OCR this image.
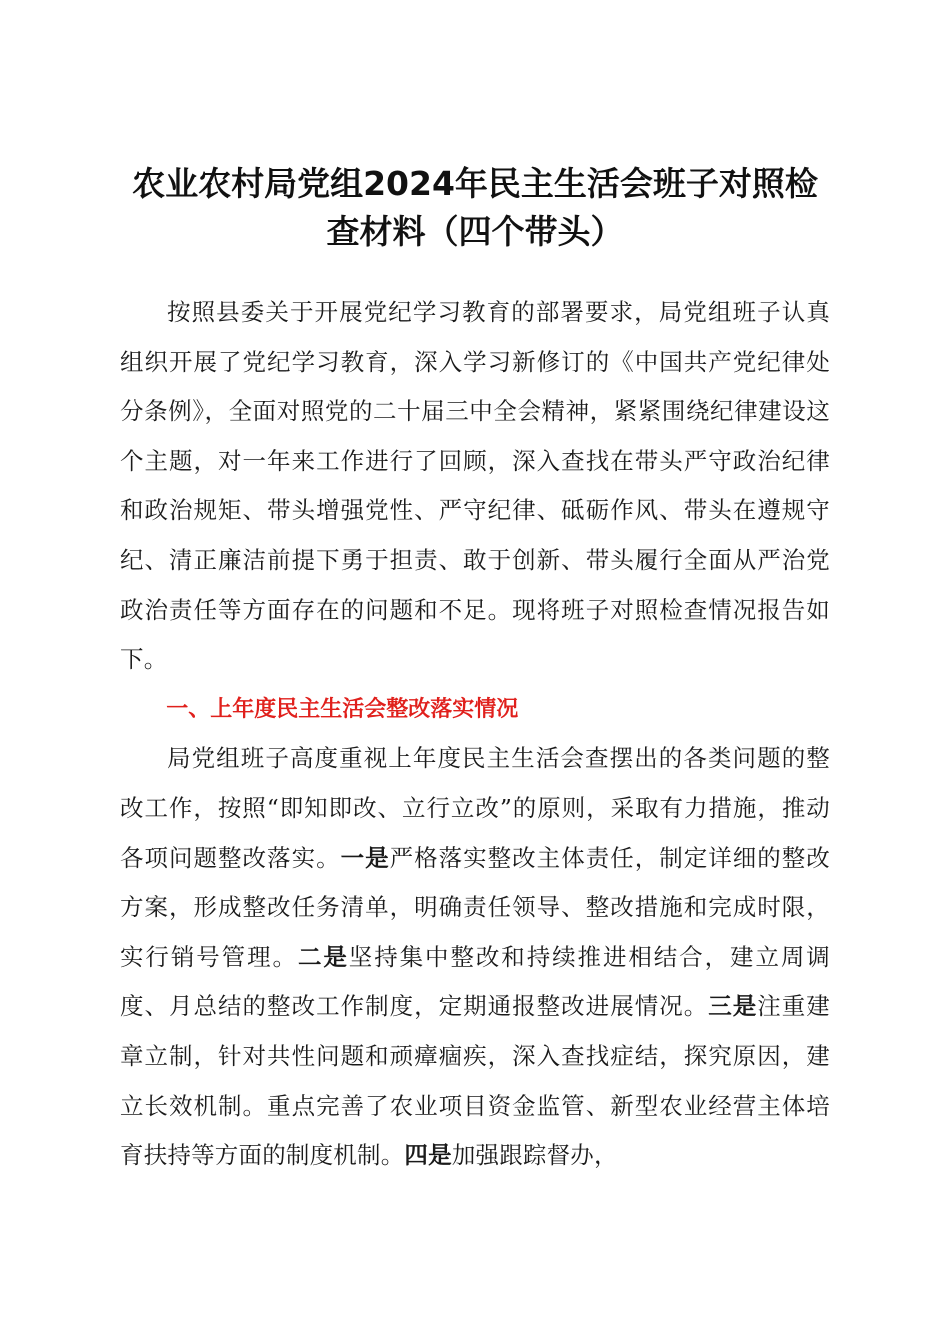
农业农村局党组2024年民主生活会班子对照检
查材料（四个带头）

按照县委关于开展党纪学习教育的部署要求，局党组班子认真组织开展了党纪学习教育，深入学习新修订的《中国共产党纪律处分条例》，全面对照党的二十届三中全会精神，紧紧围绕纪律建设这个主题，对一年来工作进行了回顾，深入查找在带头严守政治纪律和政治规矩、带头增强党性、严守纪律、砥砺作风、带头在遵规守纪、清正廉洁前提下勇于担责、敢于创新、带头履行全面从严治党政治责任等方面存在的问题和不足。现将班子对照检查情况报告如下。

一、上年度民主生活会整改落实情况

局党组班子高度重视上年度民主生活会查摆出的各类问题的整改工作，按照“即知即改、立行立改”的原则，采取有力措施，推动各项问题整改落实。一是严格落实整改主体责任，制定详细的整改方案，形成整改任务清单，明确责任领导、整改措施和完成时限，实行销号管理。二是坚持集中整改和持续推进相结合，建立周调度、月总结的整改工作制度，定期通报整改进展情况。三是注重建章立制，针对共性问题和顽瘴痼疾，深入查找症结，探究原因，建立长效机制。重点完善了农业项目资金监管、新型农业经营主体培育扶持等方面的制度机制。四是加强跟踪督办，
